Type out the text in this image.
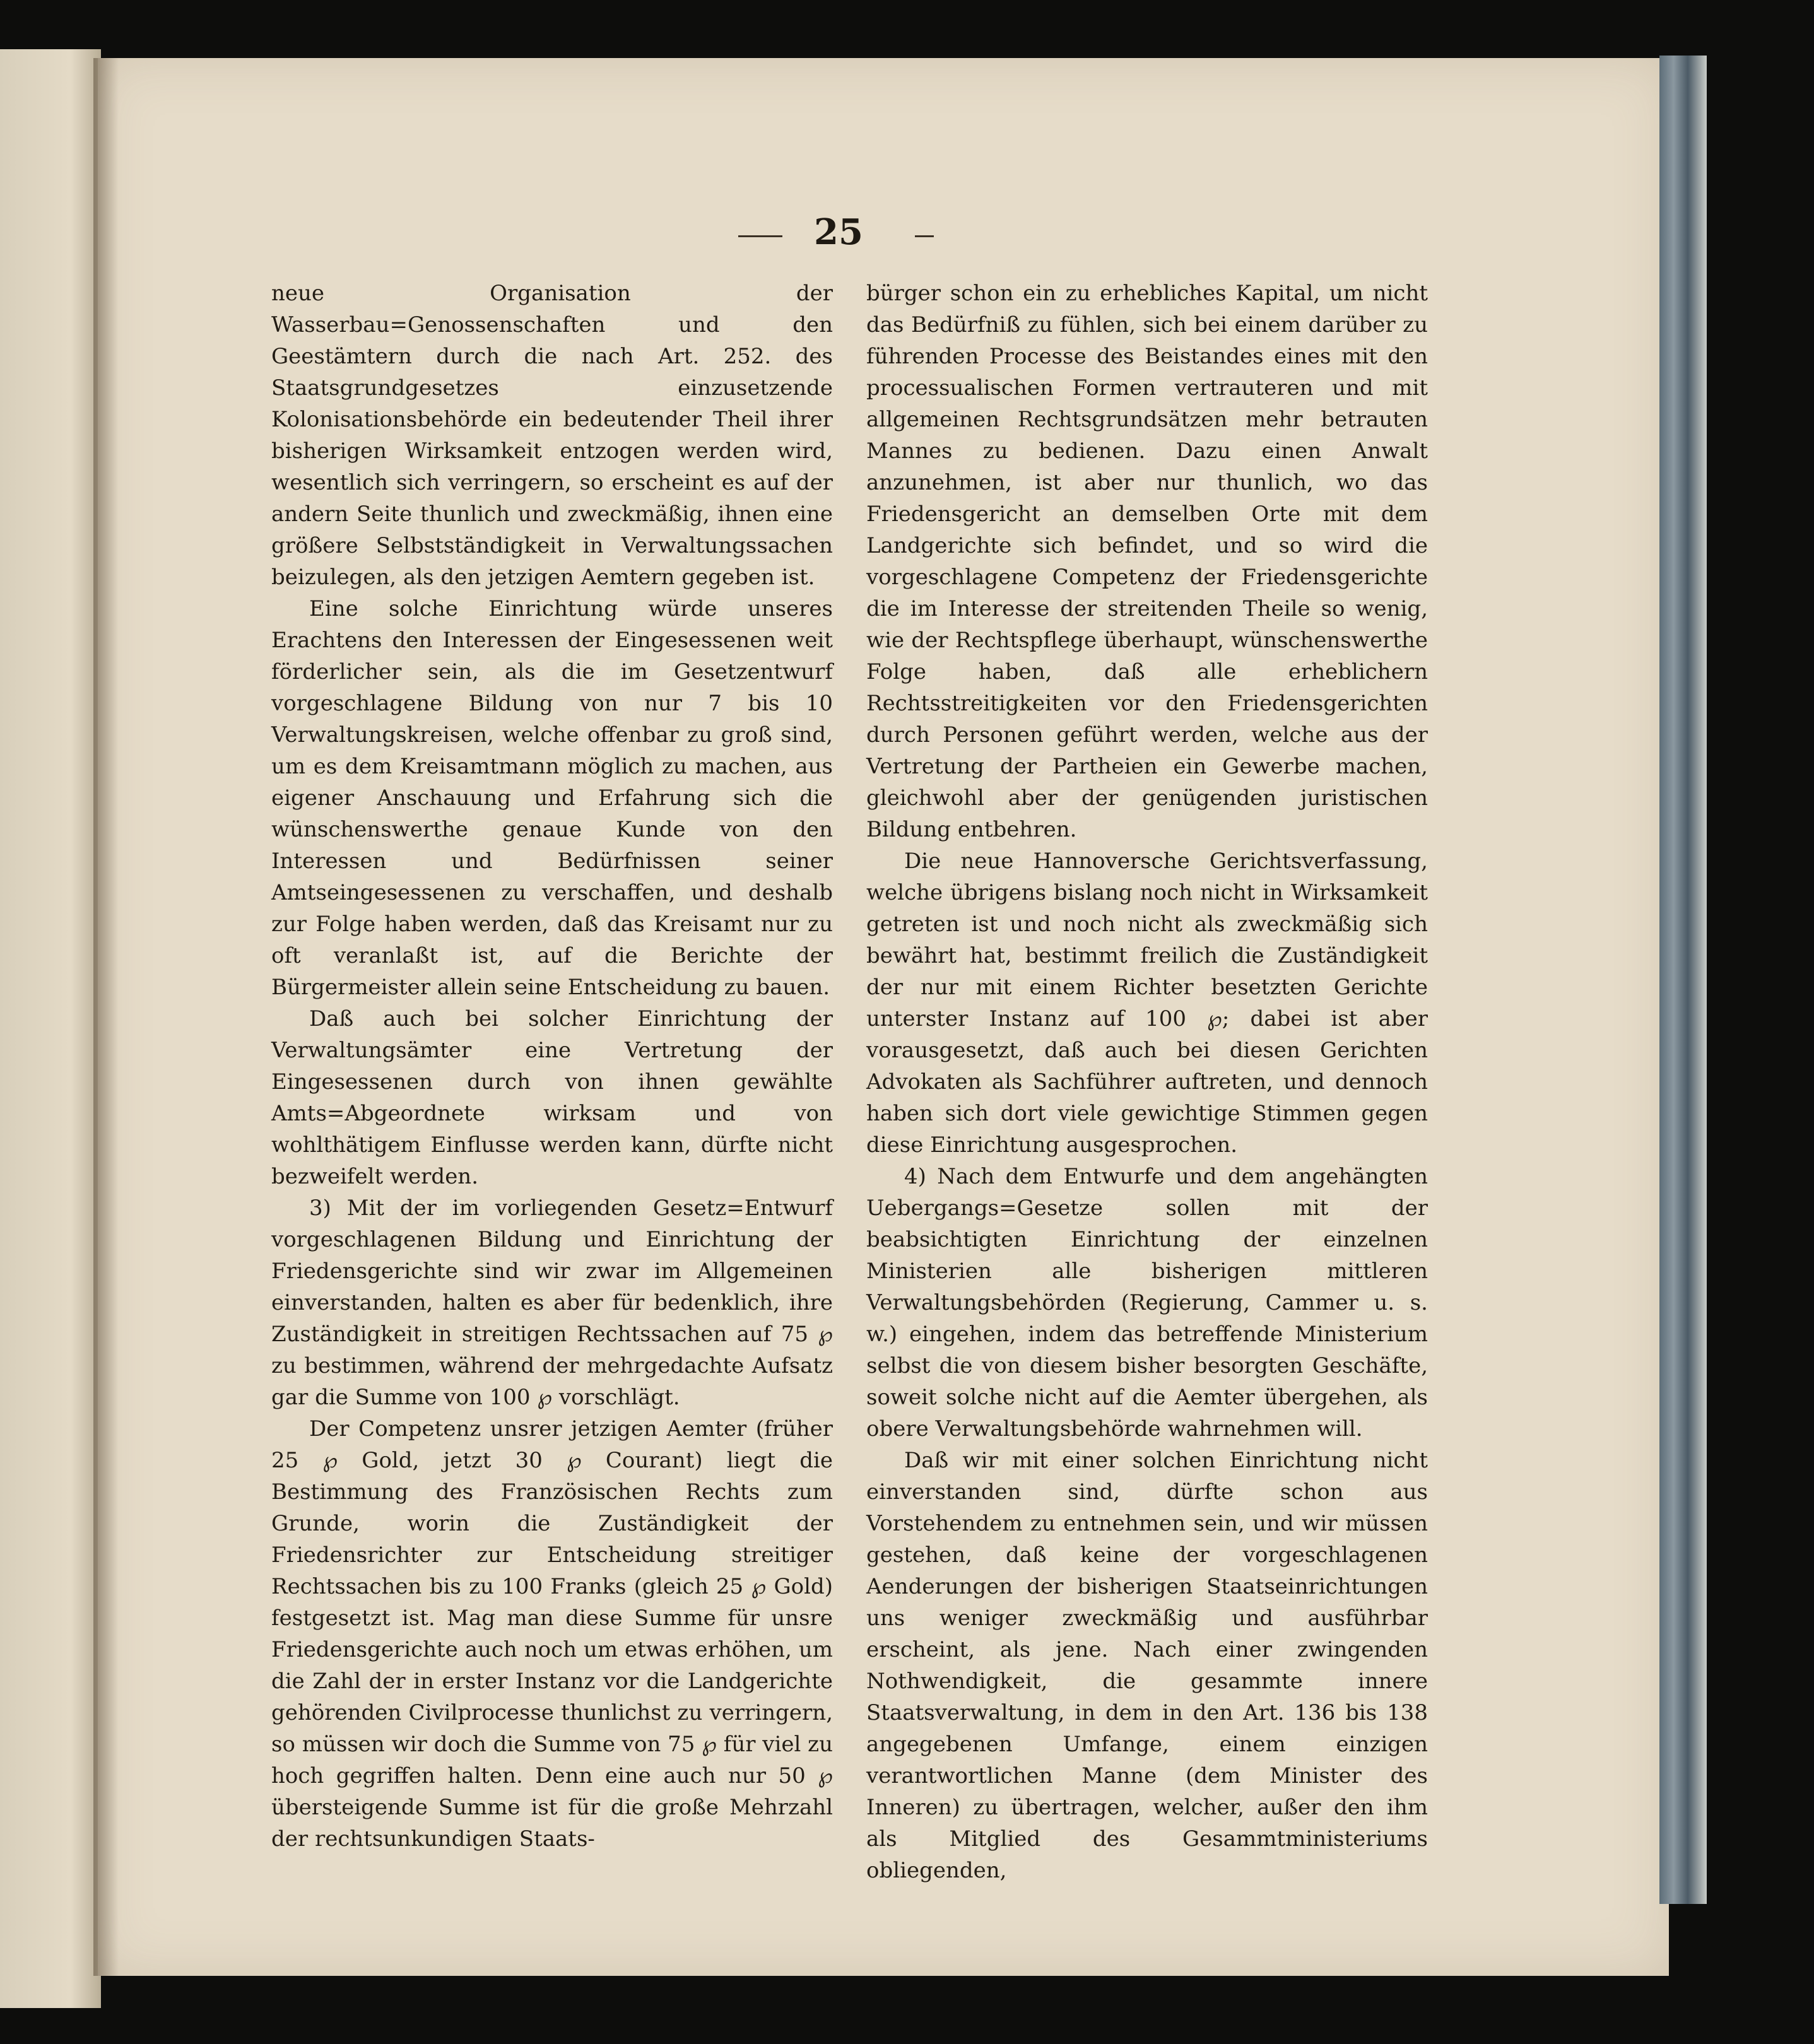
25

neue Organisation der Wasserbau=Genossenschaften und den Geestämtern durch die nach Art. 252. des Staatsgrundgesetzes einzusetzende Kolonisationsbehörde ein bedeutender Theil ihrer bisherigen Wirksamkeit entzogen werden wird, wesentlich sich verringern, so erscheint es auf der andern Seite thunlich und zweckmäßig, ihnen eine größere Selbstständigkeit in Verwaltungssachen beizulegen, als den jetzigen Aemtern gegeben ist.

Eine solche Einrichtung würde unseres Erachtens den Interessen der Eingesessenen weit förderlicher sein, als die im Gesetzentwurf vorgeschlagene Bildung von nur 7 bis 10 Verwaltungskreisen, welche offenbar zu groß sind, um es dem Kreisamtmann möglich zu machen, aus eigener Anschauung und Erfahrung sich die wünschenswerthe genaue Kunde von den Interessen und Bedürfnissen seiner Amtseingesessenen zu verschaffen, und deshalb zur Folge haben werden, daß das Kreisamt nur zu oft veranlaßt ist, auf die Berichte der Bürgermeister allein seine Entscheidung zu bauen.

Daß auch bei solcher Einrichtung der Verwaltungsämter eine Vertretung der Eingesessenen durch von ihnen gewählte Amts=Abgeordnete wirksam und von wohlthätigem Einflusse werden kann, dürfte nicht bezweifelt werden.

3) Mit der im vorliegenden Gesetz=Entwurf vorgeschlagenen Bildung und Einrichtung der Friedensgerichte sind wir zwar im Allgemeinen einverstanden, halten es aber für bedenklich, ihre Zuständigkeit in streitigen Rechtssachen auf 75 ℘ zu bestimmen, während der mehrgedachte Aufsatz gar die Summe von 100 ℘ vorschlägt.

Der Competenz unsrer jetzigen Aemter (früher 25 ℘ Gold, jetzt 30 ℘ Courant) liegt die Bestimmung des Französischen Rechts zum Grunde, worin die Zuständigkeit der Friedensrichter zur Entscheidung streitiger Rechtssachen bis zu 100 Franks (gleich 25 ℘ Gold) festgesetzt ist. Mag man diese Summe für unsre Friedensgerichte auch noch um etwas erhöhen, um die Zahl der in erster Instanz vor die Landgerichte gehörenden Civilprocesse thunlichst zu verringern, so müssen wir doch die Summe von 75 ℘ für viel zu hoch gegriffen halten. Denn eine auch nur 50 ℘ übersteigende Summe ist für die große Mehrzahl der rechtsunkundigen Staats-

bürger schon ein zu erhebliches Kapital, um nicht das Bedürfniß zu fühlen, sich bei einem darüber zu führenden Processe des Beistandes eines mit den processualischen Formen vertrauteren und mit allgemeinen Rechtsgrundsätzen mehr betrauten Mannes zu bedienen. Dazu einen Anwalt anzunehmen, ist aber nur thunlich, wo das Friedensgericht an demselben Orte mit dem Landgerichte sich befindet, und so wird die vorgeschlagene Competenz der Friedensgerichte die im Interesse der streitenden Theile so wenig, wie der Rechtspflege überhaupt, wünschenswerthe Folge haben, daß alle erheblichern Rechtsstreitigkeiten vor den Friedensgerichten durch Personen geführt werden, welche aus der Vertretung der Partheien ein Gewerbe machen, gleichwohl aber der genügenden juristischen Bildung entbehren.

Die neue Hannoversche Gerichtsverfassung, welche übrigens bislang noch nicht in Wirksamkeit getreten ist und noch nicht als zweckmäßig sich bewährt hat, bestimmt freilich die Zuständigkeit der nur mit einem Richter besetzten Gerichte unterster Instanz auf 100 ℘; dabei ist aber vorausgesetzt, daß auch bei diesen Gerichten Advokaten als Sachführer auftreten, und dennoch haben sich dort viele gewichtige Stimmen gegen diese Einrichtung ausgesprochen.

4) Nach dem Entwurfe und dem angehängten Uebergangs=Gesetze sollen mit der beabsichtigten Einrichtung der einzelnen Ministerien alle bisherigen mittleren Verwaltungsbehörden (Regierung, Cammer u. s. w.) eingehen, indem das betreffende Ministerium selbst die von diesem bisher besorgten Geschäfte, soweit solche nicht auf die Aemter übergehen, als obere Verwaltungsbehörde wahrnehmen will.

Daß wir mit einer solchen Einrichtung nicht einverstanden sind, dürfte schon aus Vorstehendem zu entnehmen sein, und wir müssen gestehen, daß keine der vorgeschlagenen Aenderungen der bisherigen Staatseinrichtungen uns weniger zweckmäßig und ausführbar erscheint, als jene. Nach einer zwingenden Nothwendigkeit, die gesammte innere Staatsverwaltung, in dem in den Art. 136 bis 138 angegebenen Umfange, einem einzigen verantwortlichen Manne (dem Minister des Inneren) zu übertragen, welcher, außer den ihm als Mitglied des Gesammtministeriums obliegenden,
